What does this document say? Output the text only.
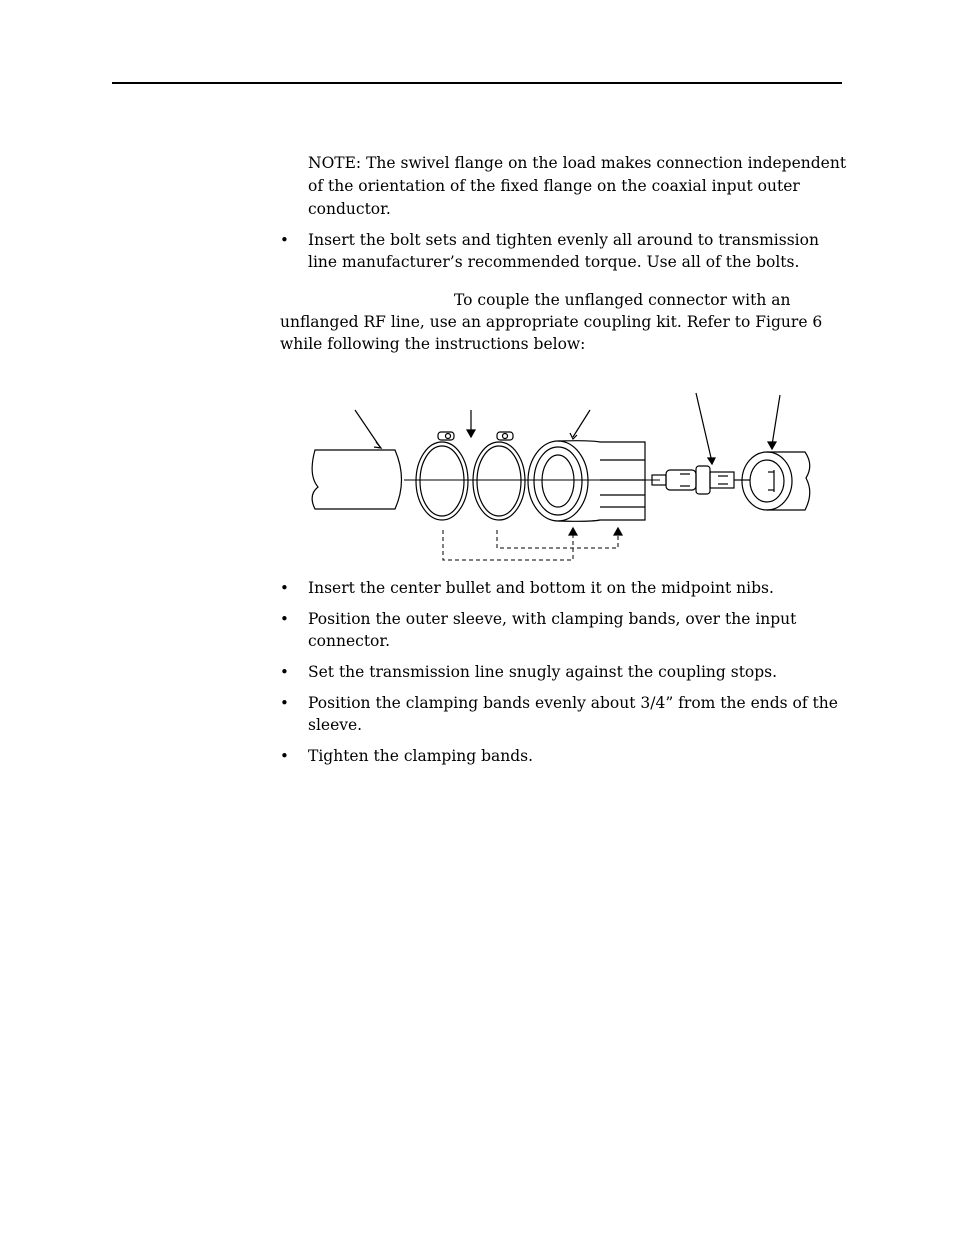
NOTE: The swivel flange on the load makes connection independent of the orientation of the fixed flange on the coaxial input outer conductor.
• Insert the bolt sets and tighten evenly all around to transmission line manufacturer’s recommended torque. Use all of the bolts.
To couple the unflanged connector with an unflanged RF line, use an appropriate coupling kit. Refer to Figure 6 while following the instructions below:
• Insert the center bullet and bottom it on the midpoint nibs.
• Position the outer sleeve, with clamping bands, over the input connector.
• Set the transmission line snugly against the coupling stops.
• Position the clamping bands evenly about 3/4” from the ends of the sleeve.
• Tighten the clamping bands.
